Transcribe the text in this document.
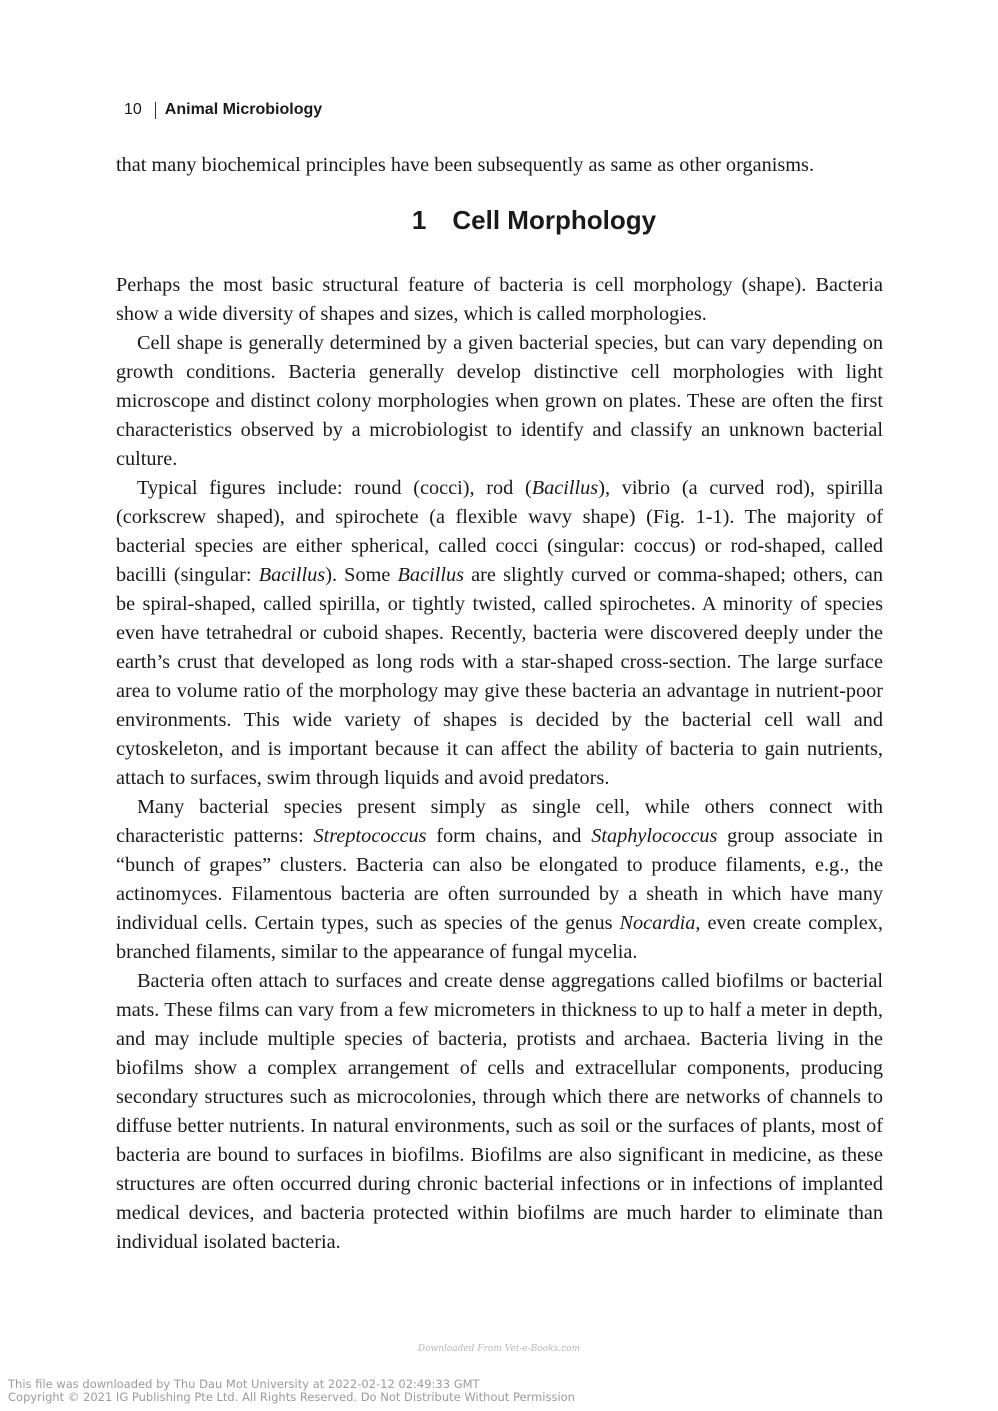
10 Animal Microbiology

that many biochemical principles have been subsequently as same as other organisms.

1 Cell Morphology

Perhaps the most basic structural feature of bacteria is cell morphology (shape). Bacteria show a wide diversity of shapes and sizes, which is called morphologies.

Cell shape is generally determined by a given bacterial species, but can vary depending on growth conditions. Bacteria generally develop distinctive cell morphologies with light microscope and distinct colony morphologies when grown on plates. These are often the first characteristics observed by a microbiologist to identify and classify an unknown bacterial culture.

Typical figures include: round (cocci), rod (Bacillus), vibrio (a curved rod), spirilla (corkscrew shaped), and spirochete (a flexible wavy shape) (Fig. 1-1). The majority of bacterial species are either spherical, called cocci (singular: coccus) or rod-shaped, called bacilli (singular: Bacillus). Some Bacillus are slightly curved or comma-shaped; others, can be spiral-shaped, called spirilla, or tightly twisted, called spirochetes. A minority of species even have tetrahedral or cuboid shapes. Recently, bacteria were discovered deeply under the earth’s crust that developed as long rods with a star-shaped cross-section. The large surface area to volume ratio of the morphology may give these bacteria an advantage in nutrient-poor environments. This wide variety of shapes is decided by the bacterial cell wall and cytoskeleton, and is important because it can affect the ability of bacteria to gain nutrients, attach to surfaces, swim through liquids and avoid predators.

Many bacterial species present simply as single cell, while others connect with characteristic patterns: Streptococcus form chains, and Staphylococcus group associate in “bunch of grapes” clusters. Bacteria can also be elongated to produce filaments, e.g., the actinomyces. Filamentous bacteria are often surrounded by a sheath in which have many individual cells. Certain types, such as species of the genus Nocardia, even create complex, branched filaments, similar to the appearance of fungal mycelia.

Bacteria often attach to surfaces and create dense aggregations called biofilms or bacterial mats. These films can vary from a few micrometers in thickness to up to half a meter in depth, and may include multiple species of bacteria, protists and archaea. Bacteria living in the biofilms show a complex arrangement of cells and extracellular components, producing secondary structures such as microcolonies, through which there are networks of channels to diffuse better nutrients. In natural environments, such as soil or the surfaces of plants, most of bacteria are bound to surfaces in biofilms. Biofilms are also significant in medicine, as these structures are often occurred during chronic bacterial infections or in infections of implanted medical devices, and bacteria protected within biofilms are much harder to eliminate than individual isolated bacteria.

Downloaded From Vet-e-Books.com
This file was downloaded by Thu Dau Mot University at 2022-02-12 02:49:33 GMT
Copyright © 2021 IG Publishing Pte Ltd. All Rights Reserved. Do Not Distribute Without Permission
